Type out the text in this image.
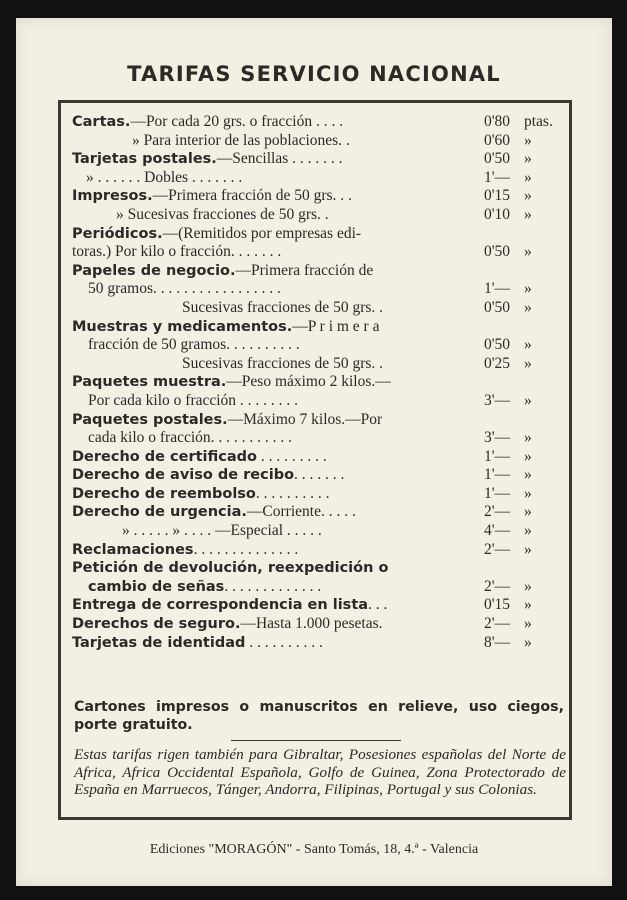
TARIFAS SERVICIO NACIONAL
Cartas.—Por cada 20 grs. o fracción . . . .	0'80 ptas.
» Para interior de las poblaciones. .	0'60 »
Tarjetas postales.—Sencillas . . . . . . .	0'50 »
» . . . . . . Dobles . . . . . . .	1'— »
Impresos.—Primera fracción de 50 grs. . .	0'15 »
» Sucesivas fracciones de 50 grs. .	0'10 »
Periódicos.—(Remitidos por empresas edi-
toras.) Por kilo o fracción. . . . . . .	0'50 »
Papeles de negocio.—Primera fracción de
50 gramos. . . . . . . . . . . . . . . . .	1'— »
Sucesivas fracciones de 50 grs. .	0'50 »
Muestras y medicamentos.—P r i m e r a
fracción de 50 gramos. . . . . . . . . .	0'50 »
Sucesivas fracciones de 50 grs. .	0'25 »
Paquetes muestra.—Peso máximo 2 kilos.—
Por cada kilo o fracción . . . . . . . .	3'— »
Paquetes postales.—Máximo 7 kilos.—Por
cada kilo o fracción. . . . . . . . . . .	3'— »
Derecho de certificado . . . . . . . . .	1'— »
Derecho de aviso de recibo. . . . . . .	1'— »
Derecho de reembolso. . . . . . . . . .	1'— »
Derecho de urgencia.—Corriente. . . . .	2'— »
» . . . . . » . . . . —Especial . . . . .	4'— »
Reclamaciones. . . . . . . . . . . . . .	2'— »
Petición de devolución, reexpedición o
cambio de señas. . . . . . . . . . . . .	2'— »
Entrega de correspondencia en lista. . .	0'15 »
Derechos de seguro.—Hasta 1.000 pesetas.	2'— »
Tarjetas de identidad . . . . . . . . . .	8'— »
Cartones impresos o manuscritos en relieve, uso ciegos, porte gratuito.
Estas tarifas rigen también para Gibraltar, Posesiones españolas del Norte de Africa, Africa Occidental Española, Golfo de Guinea, Zona Protectorado de España en Marruecos, Tánger, Andorra, Filipinas, Portugal y sus Colonias.
Ediciones "MORAGÓN" - Santo Tomás, 18, 4.ª - Valencia
